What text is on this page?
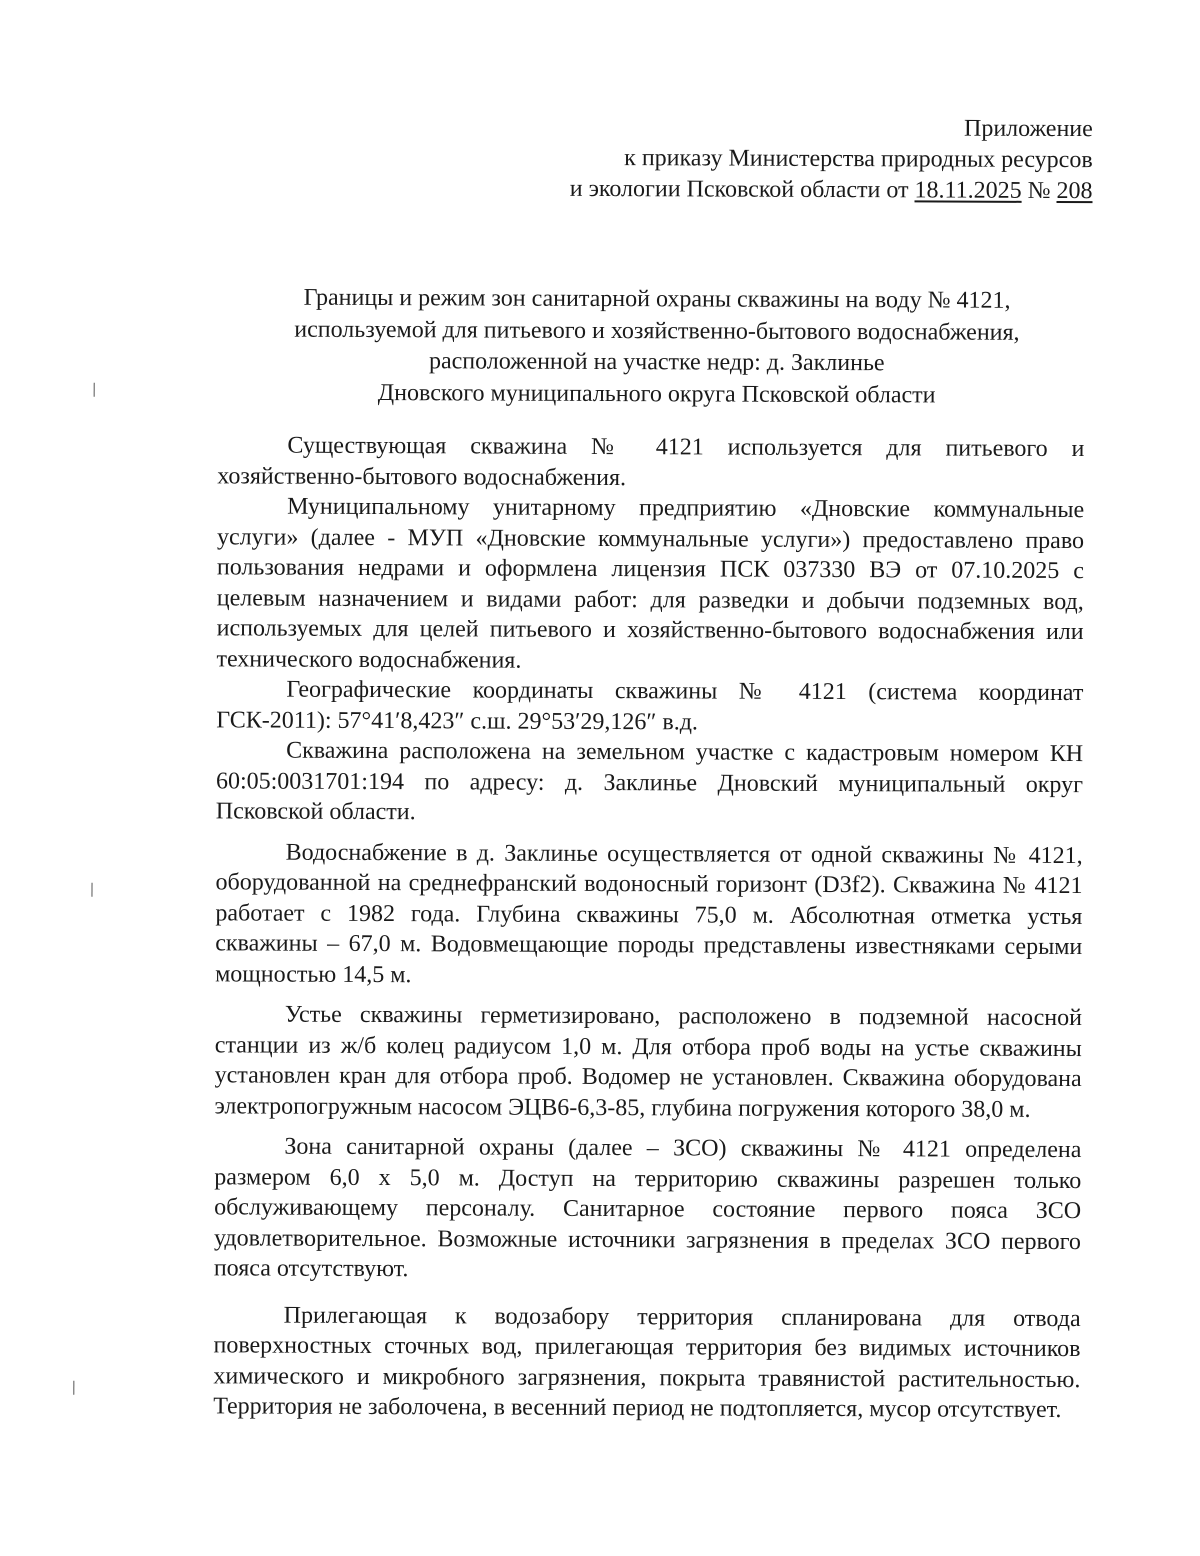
Приложение
к приказу Министерства природных ресурсов
и экологии Псковской области от 18.11.2025 № 208
Границы и режим зон санитарной охраны скважины на воду № 4121,
используемой для питьевого и хозяйственно-бытового водоснабжения,
расположенной на участке недр: д. Заклинье
Дновского муниципального округа Псковской области

Существующая скважина № 4121 используется для питьевого и хозяйственно-бытового водоснабжения.

Муниципальному унитарному предприятию «Дновские коммунальные услуги» (далее - МУП «Дновские коммунальные услуги») предоставлено право пользования недрами и оформлена лицензия ПСК 037330 ВЭ от 07.10.2025 с целевым назначением и видами работ: для разведки и добычи подземных вод, используемых для целей питьевого и хозяйственно-бытового водоснабжения или технического водоснабжения.

Географические координаты скважины № 4121 (система координат ГСК-2011): 57°41′8,423″ с.ш. 29°53′29,126″ в.д.

Скважина расположена на земельном участке с кадастровым номером КН 60:05:0031701:194 по адресу: д. Заклинье Дновский муниципальный округ Псковской области.

Водоснабжение в д. Заклинье осуществляется от одной скважины № 4121, оборудованной на среднефранский водоносный горизонт (D3f2). Скважина № 4121 работает с 1982 года. Глубина скважины 75,0 м. Абсолютная отметка устья скважины – 67,0 м. Водовмещающие породы представлены известняками серыми мощностью 14,5 м.

Устье скважины герметизировано, расположено в подземной насосной станции из ж/б колец радиусом 1,0 м. Для отбора проб воды на устье скважины установлен кран для отбора проб. Водомер не установлен. Скважина оборудована электропогружным насосом ЭЦВ6-6,3-85, глубина погружения которого 38,0 м.

Зона санитарной охраны (далее – ЗСО) скважины № 4121 определена размером 6,0 х 5,0 м. Доступ на территорию скважины разрешен только обслуживающему персоналу. Санитарное состояние первого пояса ЗСО удовлетворительное. Возможные источники загрязнения в пределах ЗСО первого пояса отсутствуют.

Прилегающая к водозабору территория спланирована для отвода поверхностных сточных вод, прилегающая территория без видимых источников химического и микробного загрязнения, покрыта травянистой растительностью. Территория не заболочена, в весенний период не подтопляется, мусор отсутствует.
